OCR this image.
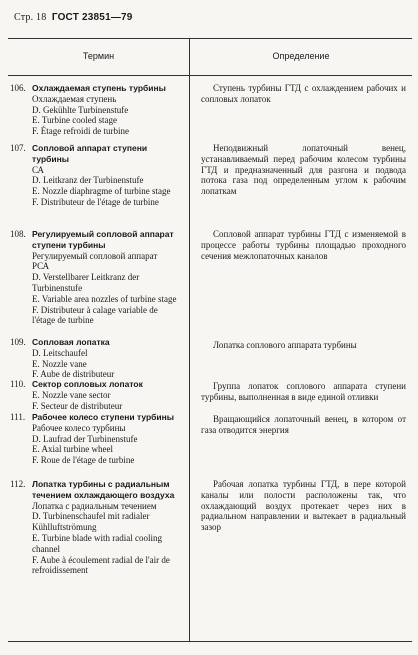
Стр. 18 ГОСТ 23851—79
Термин	Определение
106. Охлаждаемая ступень турбины
Охлаждаемая ступень
D. Gekühlte Turbinenstufe
E. Turbine cooled stage
F. Étage refroidi de turbine
Ступень турбины ГТД с охлаждением рабочих и сопловых лопаток
107. Сопловой аппарат ступени турбины
СА
D. Leitkranz der Turbinenstufe
E. Nozzle diaphragme of turbine stage
F. Distributeur de l'étage de turbine
Неподвижный лопаточный венец, устанавливаемый перед рабочим колесом турбины ГТД и предназначенный для разгона и подвода потока газа под определенным углом к рабочим лопаткам
108. Регулируемый сопловой аппарат ступени турбины
Регулируемый сопловой аппарат
РСА
D. Verstellbarer Leitkranz der Turbinenstufe
E. Variable area nozzles of turbine stage
F. Distributeur à calage variable de l'étage de turbine
Сопловой аппарат турбины ГТД с изменяемой в процессе работы турбины площадью проходного сечения межлопаточных каналов
109. Сопловая лопатка
D. Leitschaufel
E. Nozzle vane
F. Aube de distributeur
Лопатка соплового аппарата турбины
110. Сектор сопловых лопаток
E. Nozzle vane sector
F. Secteur de distributeur
Группа лопаток соплового аппарата ступени турбины, выполненная в виде единой отливки
111. Рабочее колесо ступени турбины
Рабочее колесо турбины
D. Laufrad der Turbinenstufe
E. Axial turbine wheel
F. Roue de l'étage de turbine
Вращающийся лопаточный венец, в котором от газа отводится энергия
112. Лопатка турбины с радиальным течением охлаждающего воздуха
Лопатка с радиальным течением
D. Turbinenschaufel mit radialer Kühlluftströmung
E. Turbine blade with radial cooling channel
F. Aube à écoulement radial de l'air de refroidissement
Рабочая лопатка турбины ГТД, в пере которой каналы или полости расположены так, что охлаждающий воздух протекает через них в радиальном направлении и вытекает в радиальный зазор
